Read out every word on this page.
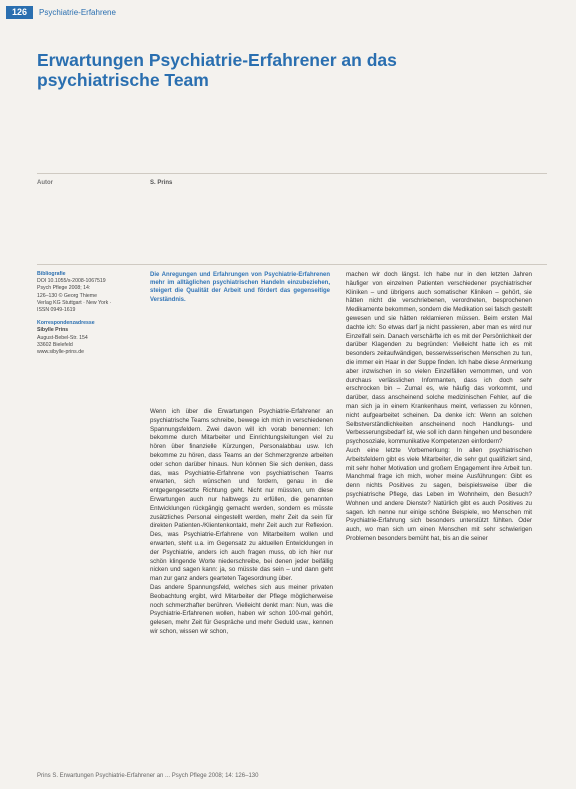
126	Psychiatrie-Erfahrene
Erwartungen Psychiatrie-Erfahrener an das psychiatrische Team
Autor	S. Prins
Bibliografie
DOI 10.1055/s-2008-1067519
Psych Pflege 2008; 14:
126–130 © Georg Thieme
Verlag KG Stuttgart · New York ·
ISSN 0949-1619
Korrespondenzadresse
Sibylle Prins
August-Bebel-Str. 154
33602 Bielefeld
www.sibylle-prins.de

Die Anregungen und Erfahrungen von Psychiatrie-Erfahrenen mehr im alltäglichen psychiatrischen Handeln einzubeziehen, steigert die Qualität der Arbeit und fördert das gegenseitige Verständnis.

Wenn ich über die Erwartungen Psychiatrie-Erfahrener an psychiatrische Teams schreibe, bewege ich mich in verschiedenen Spannungsfeldern. Zwei davon will ich vorab benennen: Ich bekomme durch Mitarbeiter und Einrichtungsleitungen viel zu hören über finanzielle Kürzungen, Personalabbau usw. Ich bekomme zu hören, dass Teams an der Schmerzgrenze arbeiten oder schon darüber hinaus. Nun können Sie sich denken, dass das, was Psychiatrie-Erfahrene von psychiatrischen Teams erwarten, sich wünschen und fordern, genau in die entgegengesetzte Richtung geht. Nicht nur müssten, um diese Erwartungen auch nur halbwegs zu erfüllen, die genannten Entwicklungen rückgängig gemacht werden, sondern es müsste zusätzliches Personal eingestellt werden, mehr Zeit da sein für direkten Patienten-/Klientenkontakt, mehr Zeit auch zur Reflexion. Des, was Psychiatrie-Erfahrene von Mitarbeitern wollen und erwarten, steht u.a. im Gegensatz zu aktuellen Entwicklungen in der Psychiatrie, anders ich auch fragen muss, ob ich hier nur schön klingende Worte niederschreibe, bei denen jeder beifällig nicken und sagen kann: ja, so müsste das sein – und dann geht man zur ganz anders gearteten Tagesordnung über.

Das andere Spannungsfeld, welches sich aus meiner privaten Beobachtung ergibt, wird Mitarbeiter der Pflege möglicherweise noch schmerzhafter berühren. Vielleicht denkt man: Nun, was die Psychiatrie-Erfahrenen wollen, haben wir schon 100-mal gehört, gelesen, mehr Zeit für Gespräche und mehr Geduld usw., kennen wir schon, wissen wir schon,

machen wir doch längst. Ich habe nur in den letzten Jahren häufiger von einzelnen Patienten verschiedener psychiatrischer Kliniken – und übrigens auch somatischer Kliniken – gehört, sie hätten nicht die verschriebenen, verordneten, besprochenen Medikamente bekommen, sondern die Medikation sei falsch gestellt gewesen und sie hätten reklamieren müssen. Beim ersten Mal dachte ich: So etwas darf ja nicht passieren, aber man es wird nur Einzelfall sein. Danach verschärfte ich es mit der Persönlichkeit der darüber Klagenden zu begründen: Vielleicht hatte ich es mit besonders zeitaufwändigen, besserwisserischen Menschen zu tun, die immer ein Haar in der Suppe finden. Ich habe diese Anmerkung aber inzwischen in so vielen Einzelfällen vernommen, und von durchaus verlässlichen Informanten, dass ich doch sehr erschrocken bin – Zumal es, wie häufig das vorkommt, und darüber, dass anscheinend solche medizinischen Fehler, auf die man sich ja in einem Krankenhaus meint, verlassen zu können, nicht aufgearbeitet scheinen. Da denke ich: Wenn an solchen Selbstverständlichkeiten anscheinend noch Handlungs- und Verbesserungsbedarf ist, wie soll ich dann hingehen und besondere psychosoziale, kommunikative Kompetenzen einfordern?

Auch eine letzte Vorbemerkung: In allen psychiatrischen Arbeitsfeldern gibt es viele Mitarbeiter, die sehr gut qualifiziert sind, mit sehr hoher Motivation und großem Engagement ihre Arbeit tun. Manchmal frage ich mich, woher meine Ausführungen: Gibt es denn nichts Positives zu sagen, beispielsweise über die psychiatrische Pflege, das Leben im Wohnheim, den Besuch? Wohnen und andere Dienste? Natürlich gibt es auch Positives zu sagen. Ich nenne nur einige schöne Beispiele, wo Menschen mit Psychiatrie-Erfahrung sich besonders unterstützt fühlten. Oder auch, wo man sich um einen Menschen mit sehr schwierigen Problemen besonders bemüht hat, bis an die seiner

Prins S. Erwartungen Psychiatrie-Erfahrener an ... Psych Pflege 2008; 14: 126–130
